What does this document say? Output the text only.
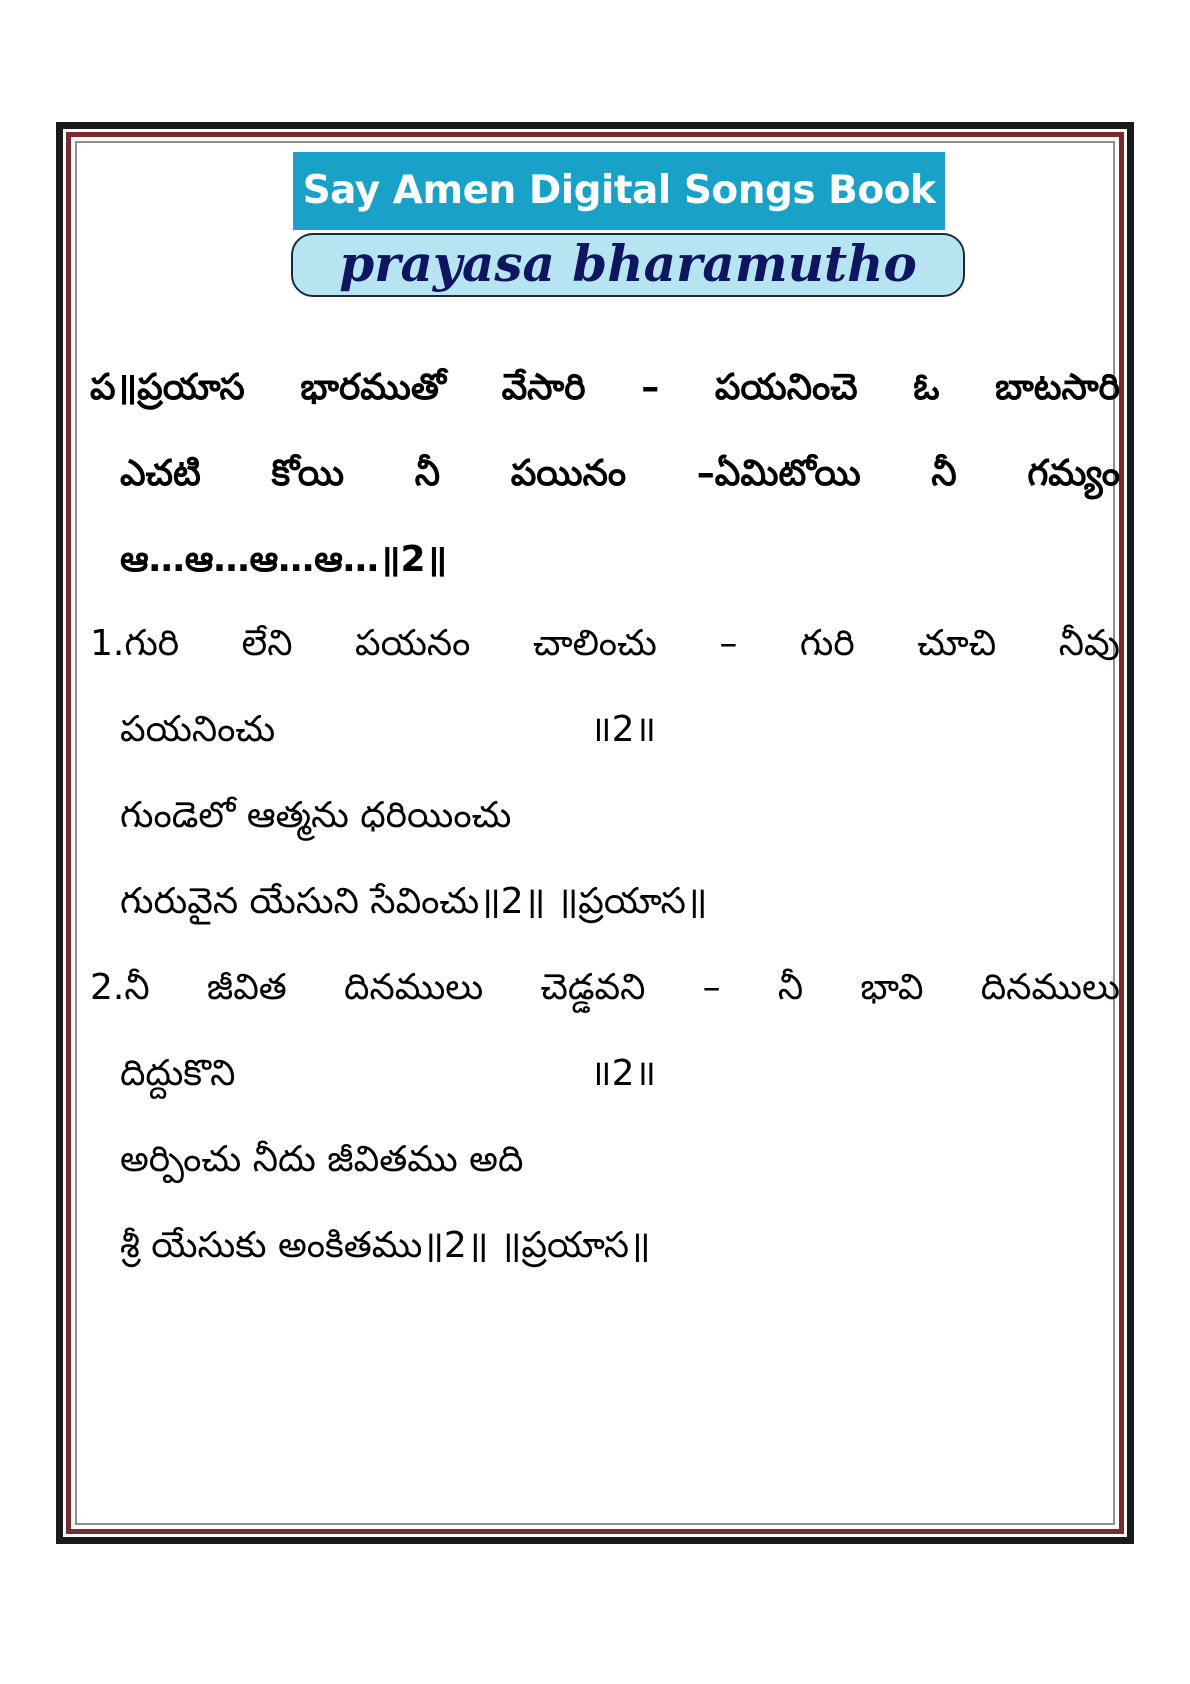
Say Amen Digital Songs Book
prayasa bharamutho
ప॥ప్రయాస భారముతో వేసారి – పయనించె ఓ బాటసారి
ఎచటి కోయి నీ పయినం –ఏమిటోయి నీ గమ్యం
ఆ…ఆ…ఆ…ఆ…॥2॥
1.గురి లేని పయనం చాలించు – గురి చూచి నీవు
పయనించు	॥2॥
గుండెలో ఆత్మను ధరియించు
గురువైన యేసుని సేవించు॥2॥ ॥ప్రయాస॥
2.నీ జీవిత దినములు చెడ్డవని – నీ భావి దినములు
దిద్దుకొని	॥2॥
అర్పించు నీదు జీవితము అది
శ్రీ యేసుకు అంకితము॥2॥ ॥ప్రయాస॥
